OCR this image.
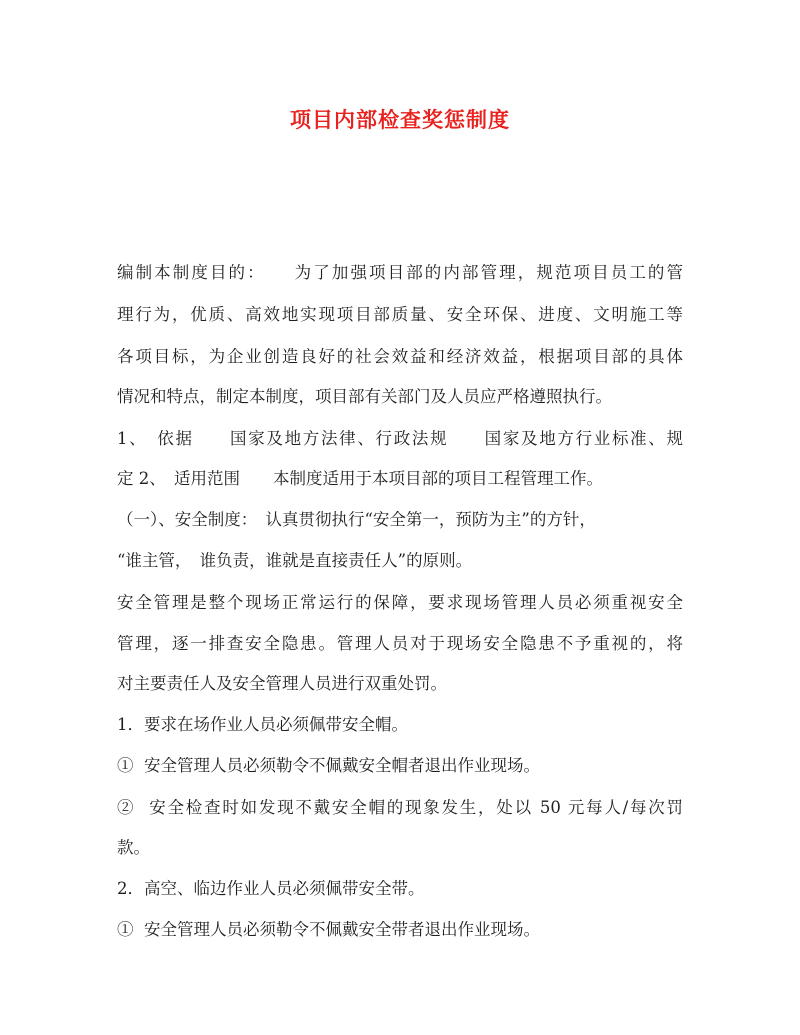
项目内部检查奖惩制度
编制本制度目的：　　为了加强项目部的内部管理，规范项目员工的管
理行为，优质、高效地实现项目部质量、安全环保、进度、文明施工等
各项目标，为企业创造良好的社会效益和经济效益，根据项目部的具体
情况和特点，制定本制度，项目部有关部门及人员应严格遵照执行。
1、　依据　　国家及地方法律、行政法规　　国家及地方行业标准、规
定 2、　适用范围　　本制度适用于本项目部的项目工程管理工作。
（一）、安全制度：　认真贯彻执行“安全第一，预防为主”的方针，
“谁主管，　谁负责，谁就是直接责任人”的原则。
安全管理是整个现场正常运行的保障，要求现场管理人员必须重视安全
管理，逐一排查安全隐患。管理人员对于现场安全隐患不予重视的，将
对主要责任人及安全管理人员进行双重处罚。
1．要求在场作业人员必须佩带安全帽。
①  安全管理人员必须勒令不佩戴安全帽者退出作业现场。
②  安全检查时如发现不戴安全帽的现象发生，处以 50 元每人/每次罚
款。
2．高空、临边作业人员必须佩带安全带。
①  安全管理人员必须勒令不佩戴安全带者退出作业现场。
